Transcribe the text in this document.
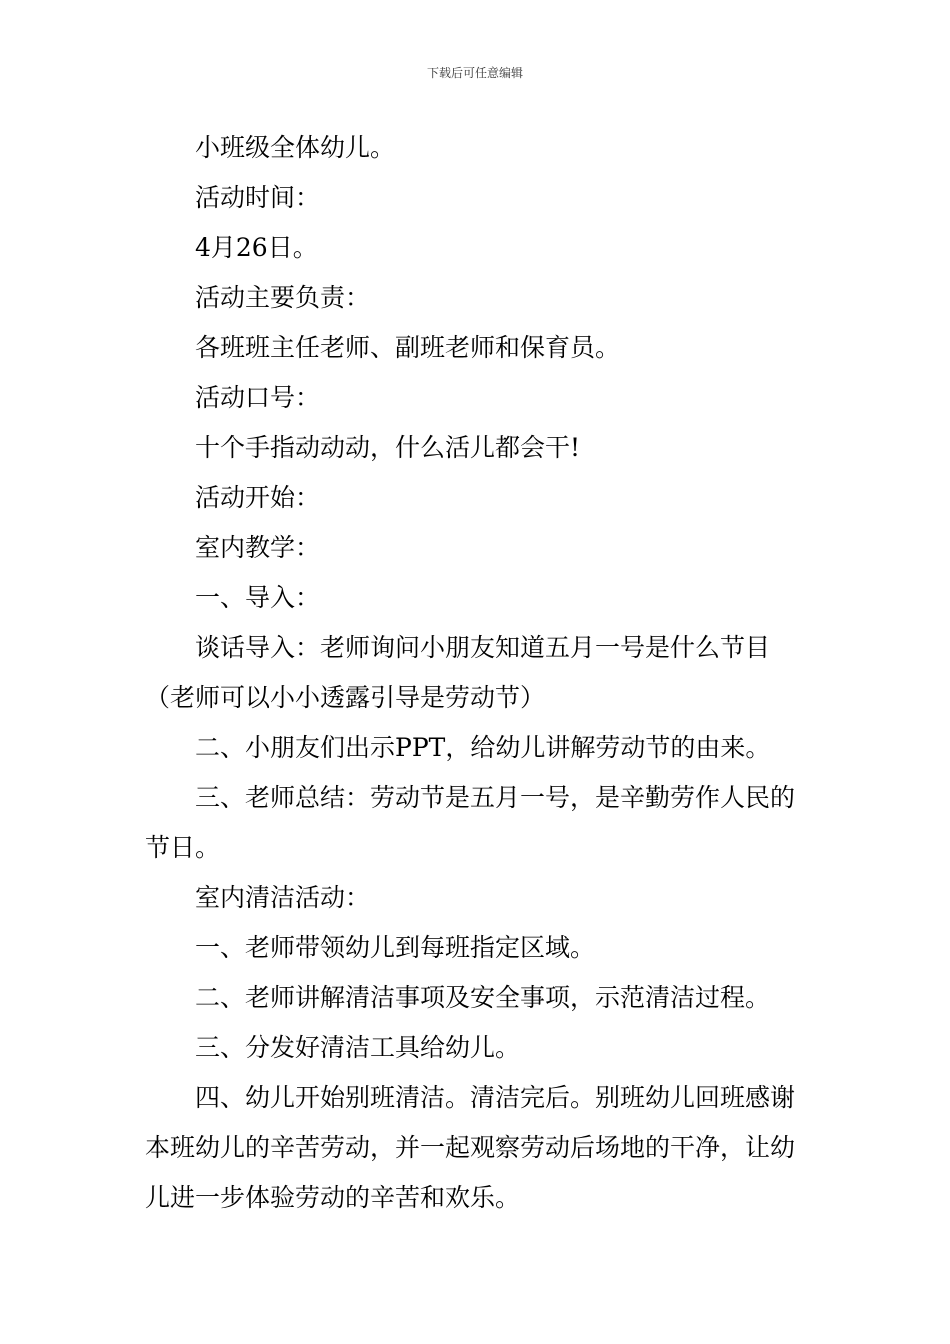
下载后可任意编辑

小班级全体幼儿。

活动时间：

4月26日。

活动主要负责：

各班班主任老师、副班老师和保育员。

活动口号：

十个手指动动动，什么活儿都会干!

活动开始：

室内教学：

一、导入：

谈话导入：老师询问小朋友知道五月一号是什么节目（老师可以小小透露引导是劳动节）

二、小朋友们出示PPT，给幼儿讲解劳动节的由来。

三、老师总结：劳动节是五月一号，是辛勤劳作人民的节日。

室内清洁活动：

一、老师带领幼儿到每班指定区域。

二、老师讲解清洁事项及安全事项，示范清洁过程。

三、分发好清洁工具给幼儿。

四、幼儿开始别班清洁。清洁完后。别班幼儿回班感谢本班幼儿的辛苦劳动，并一起观察劳动后场地的干净，让幼儿进一步体验劳动的辛苦和欢乐。
